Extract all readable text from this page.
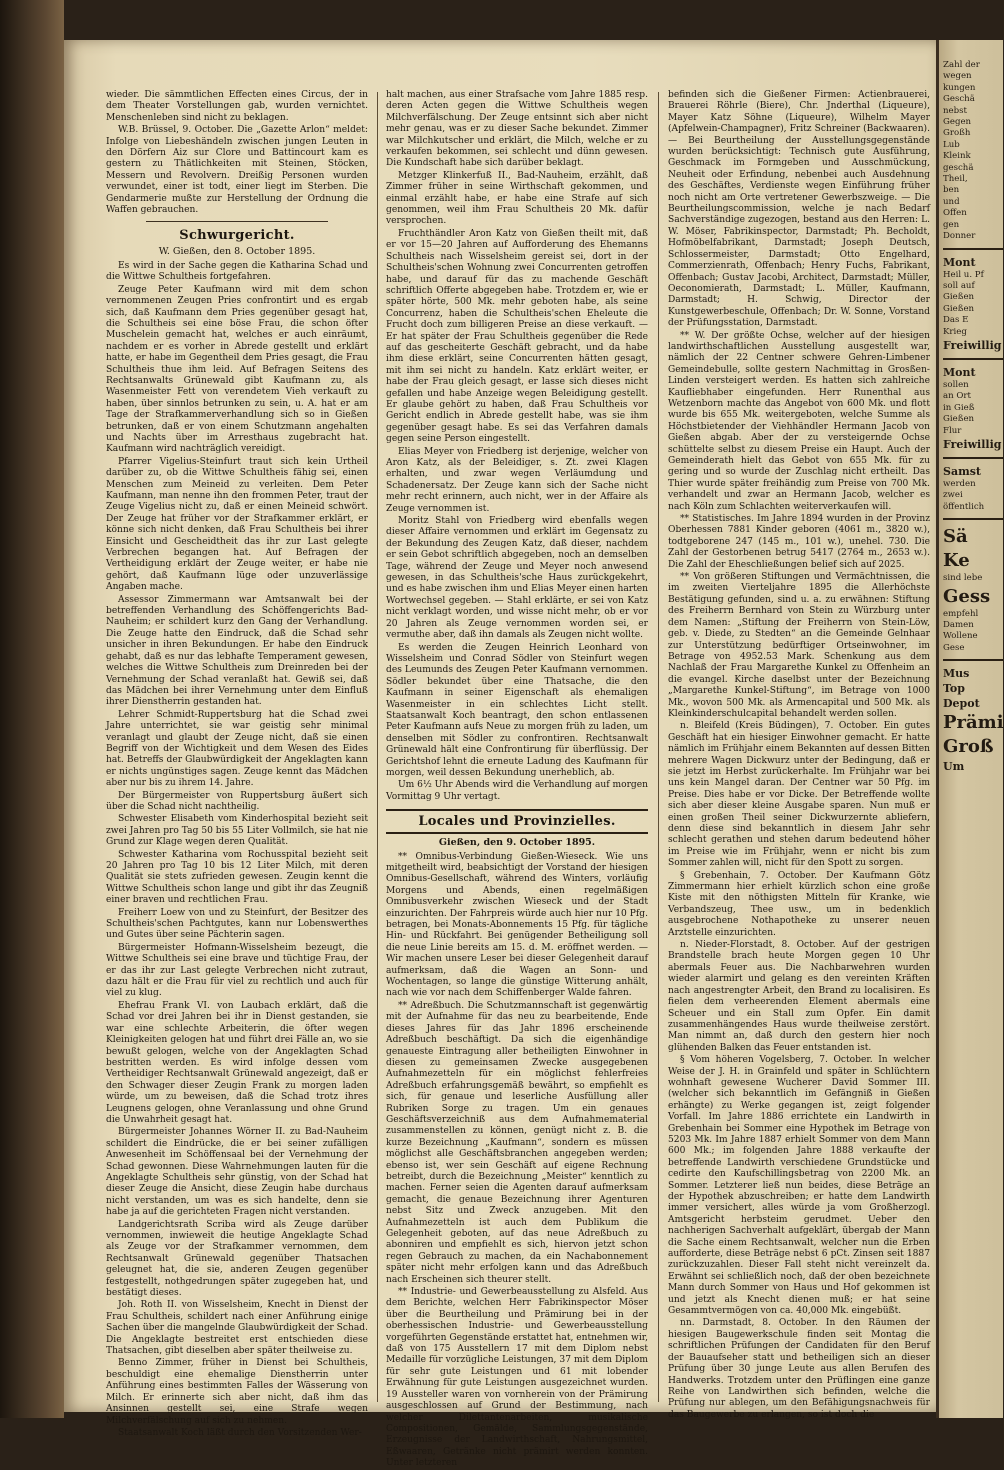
wieder. Die sämmtlichen Effecten eines Circus, der in dem Theater Vorstellungen gab, wurden vernichtet. Menschenleben sind nicht zu beklagen.

W.B. Brüssel, 9. October. Die „Gazette Arlon“ meldet: Infolge von Liebeshändeln zwischen jungen Leuten in den Dörfern Aiz sur Clore und Battincourt kam es gestern zu Thätlichkeiten mit Steinen, Stöcken, Messern und Revolvern. Dreißig Personen wurden verwundet, einer ist todt, einer liegt im Sterben. Die Gendarmerie mußte zur Herstellung der Ordnung die Waffen gebrauchen.

Schwurgericht.
W. Gießen, den 8. October 1895.

Es wird in der Sache gegen die Katharina Schad und die Wittwe Schultheis fortgefahren.

Zeuge Peter Kaufmann wird mit dem schon vernommenen Zeugen Pries confrontirt und es ergab sich, daß Kaufmann dem Pries gegenüber gesagt hat, die Schultheis sei eine böse Frau, die schon öfter Muschelein gemacht hat, welches er auch einräumt, nachdem er es vorher in Abrede gestellt und erklärt hatte, er habe im Gegentheil dem Pries gesagt, die Frau Schultheis thue ihm leid. Auf Befragen Seitens des Rechtsanwalts Grünewald gibt Kaufmann zu, als Wasenmeister Fett von verendetem Vieh verkauft zu haben, über sinnlos betrunken zu sein, u. A. hat er am Tage der Strafkammerverhandlung sich so in Gießen betrunken, daß er von einem Schutzmann angehalten und Nachts über im Arresthaus zugebracht hat. Kaufmann wird nachträglich vereidigt.

Pfarrer Vigelius-Steinfurt traut sich kein Urtheil darüber zu, ob die Wittwe Schultheis fähig sei, einen Menschen zum Meineid zu verleiten. Dem Peter Kaufmann, man nenne ihn den frommen Peter, traut der Zeuge Vigelius nicht zu, daß er einen Meineid schwört. Der Zeuge hat früher vor der Strafkammer erklärt, er könne sich nicht denken, daß Frau Schultheis bei ihrer Einsicht und Gescheidtheit das ihr zur Last gelegte Verbrechen begangen hat. Auf Befragen der Vertheidigung erklärt der Zeuge weiter, er habe nie gehört, daß Kaufmann lüge oder unzuverlässige Angaben mache.

Assessor Zimmermann war Amtsanwalt bei der betreffenden Verhandlung des Schöffengerichts Bad-Nauheim; er schildert kurz den Gang der Verhandlung. Die Zeuge hatte den Eindruck, daß die Schad sehr unsicher in ihren Bekundungen. Er habe den Eindruck gehabt, daß es nur das lebhafte Temperament gewesen, welches die Wittwe Schultheis zum Dreinreden bei der Vernehmung der Schad veranlaßt hat. Gewiß sei, daß das Mädchen bei ihrer Vernehmung unter dem Einfluß ihrer Dienstherrin gestanden hat.

Lehrer Schmidt-Ruppertsburg hat die Schad zwei Jahre unterrichtet, sie war geistig sehr minimal veranlagt und glaubt der Zeuge nicht, daß sie einen Begriff von der Wichtigkeit und dem Wesen des Eides hat. Betreffs der Glaubwürdigkeit der Angeklagten kann er nichts ungünstiges sagen. Zeuge kennt das Mädchen aber nur bis zu ihrem 14. Jahre.

Der Bürgermeister von Ruppertsburg äußert sich über die Schad nicht nachtheilig.

Schwester Elisabeth vom Kinderhospital bezieht seit zwei Jahren pro Tag 50 bis 55 Liter Vollmilch, sie hat nie Grund zur Klage wegen deren Qualität.

Schwester Katharina vom Rochusspital bezieht seit 20 Jahren pro Tag 10 bis 12 Liter Milch, mit deren Qualität sie stets zufrieden gewesen. Zeugin kennt die Wittwe Schultheis schon lange und gibt ihr das Zeugniß einer braven und rechtlichen Frau.

Freiherr Loew von und zu Steinfurt, der Besitzer des Schultheis'schen Pachtgutes, kann nur Lobenswerthes und Gutes über seine Pächterin sagen.

Bürgermeister Hofmann-Wisselsheim bezeugt, die Wittwe Schultheis sei eine brave und tüchtige Frau, der er das ihr zur Last gelegte Verbrechen nicht zutraut, dazu hält er die Frau für viel zu rechtlich und auch für viel zu klug.

Ehefrau Frank VI. von Laubach erklärt, daß die Schad vor drei Jahren bei ihr in Dienst gestanden, sie war eine schlechte Arbeiterin, die öfter wegen Kleinigkeiten gelogen hat und führt drei Fälle an, wo sie bewußt gelogen, welche von der Angeklagten Schad bestritten werden. Es wird infolge dessen vom Vertheidiger Rechtsanwalt Grünewald angezeigt, daß er den Schwager dieser Zeugin Frank zu morgen laden würde, um zu beweisen, daß die Schad trotz ihres Leugnens gelogen, ohne Veranlassung und ohne Grund die Unwahrheit gesagt hat.

Bürgermeister Johannes Wörner II. zu Bad-Nauheim schildert die Eindrücke, die er bei seiner zufälligen Anwesenheit im Schöffensaal bei der Vernehmung der Schad gewonnen. Diese Wahrnehmungen lauten für die Angeklagte Schultheis sehr günstig, von der Schad hat dieser Zeuge die Ansicht, diese Zeugin habe durchaus nicht verstanden, um was es sich handelte, denn sie habe ja auf die gerichteten Fragen nicht verstanden.

Landgerichtsrath Scriba wird als Zeuge darüber vernommen, inwieweit die heutige Angeklagte Schad als Zeuge vor der Strafkammer vernommen, dem Rechtsanwalt Grünewald gegenüber Thatsachen geleugnet hat, die sie, anderen Zeugen gegenüber festgestellt, nothgedrungen später zugegeben hat, und bestätigt dieses.

Joh. Roth II. von Wisselsheim, Knecht in Dienst der Frau Schultheis, schildert nach einer Anführung einige Sachen über die mangelnde Glaubwürdigkeit der Schad. Die Angeklagte bestreitet erst entschieden diese Thatsachen, gibt dieselben aber später theilweise zu.

Benno Zimmer, früher in Dienst bei Schultheis, beschuldigt eine ehemalige Dienstherrin unter Anführung eines bestimmten Falles der Wässerung von Milch. Er erinnerte sich aber nicht, daß ihm das Ansinnen gestellt sei, eine Strafe wegen Milchverfälschung auf sich zu nehmen.

Staatsanwalt Koch läßt durch den Vorsitzenden Wer-

halt machen, aus einer Strafsache vom Jahre 1885 resp. deren Acten gegen die Wittwe Schultheis wegen Milchverfälschung. Der Zeuge entsinnt sich aber nicht mehr genau, was er zu dieser Sache bekundet. Zimmer war Milchkutscher und erklärt, die Milch, welche er zu verkaufen bekommen, sei schlecht und dünn gewesen. Die Kundschaft habe sich darüber beklagt.

Metzger Klinkerfuß II., Bad-Nauheim, erzählt, daß Zimmer früher in seine Wirthschaft gekommen, und einmal erzählt habe, er habe eine Strafe auf sich genommen, weil ihm Frau Schultheis 20 Mk. dafür versprochen.

Fruchthändler Aron Katz von Gießen theilt mit, daß er vor 15—20 Jahren auf Aufforderung des Ehemanns Schultheis nach Wisselsheim gereist sei, dort in der Schultheis'schen Wohnung zwei Concurrenten getroffen habe, und darauf für das zu machende Geschäft schriftlich Offerte abgegeben habe. Trotzdem er, wie er später hörte, 500 Mk. mehr geboten habe, als seine Concurrenz, haben die Schultheis'schen Eheleute die Frucht doch zum billigeren Preise an diese verkauft. — Er hat später der Frau Schultheis gegenüber die Rede auf das gescheiterte Geschäft gebracht, und da habe ihm diese erklärt, seine Concurrenten hätten gesagt, mit ihm sei nicht zu handeln. Katz erklärt weiter, er habe der Frau gleich gesagt, er lasse sich dieses nicht gefallen und habe Anzeige wegen Beleidigung gestellt. Er glaube gehört zu haben, daß Frau Schultheis vor Gericht endlich in Abrede gestellt habe, was sie ihm gegenüber gesagt habe. Es sei das Verfahren damals gegen seine Person eingestellt.

Elias Meyer von Friedberg ist derjenige, welcher von Aron Katz, als der Beleidiger, s. Zt. zwei Klagen erhalten, und zwar wegen Verläumdung und Schadenersatz. Der Zeuge kann sich der Sache nicht mehr recht erinnern, auch nicht, wer in der Affaire als Zeuge vernommen ist.

Moritz Stahl von Friedberg wird ebenfalls wegen dieser Affaire vernommen und erklärt im Gegensatz zu der Bekundung des Zeugen Katz, daß dieser, nachdem er sein Gebot schriftlich abgegeben, noch an demselben Tage, während der Zeuge und Meyer noch anwesend gewesen, in das Schultheis'sche Haus zurückgekehrt, und es habe zwischen ihm und Elias Meyer einen harten Wortwechsel gegeben. — Stahl erklärte, er sei von Katz nicht verklagt worden, und wisse nicht mehr, ob er vor 20 Jahren als Zeuge vernommen worden sei, er vermuthe aber, daß ihn damals als Zeugen nicht wollte.

Es werden die Zeugen Heinrich Leonhard von Wisselsheim und Conrad Södler von Steinfurt wegen des Leumunds des Zeugen Peter Kaufmann vernommen. Södler bekundet über eine Thatsache, die den Kaufmann in seiner Eigenschaft als ehemaligen Wasenmeister in ein schlechtes Licht stellt. Staatsanwalt Koch beantragt, den schon entlassenen Peter Kaufmann aufs Neue zu morgen früh zu laden, um denselben mit Södler zu confrontiren. Rechtsanwalt Grünewald hält eine Confrontirung für überflüssig. Der Gerichtshof lehnt die erneute Ladung des Kaufmann für morgen, weil dessen Bekundung unerheblich, ab.

Um 6½ Uhr Abends wird die Verhandlung auf morgen Vormittag 9 Uhr vertagt.

Locales und Provinzielles.
Gießen, den 9. October 1895.

** Omnibus-Verbindung Gießen-Wieseck. Wie uns mitgetheilt wird, beabsichtigt der Vorstand der hiesigen Omnibus-Gesellschaft, während des Winters, vorläufig Morgens und Abends, einen regelmäßigen Omnibusverkehr zwischen Wieseck und der Stadt einzurichten. Der Fahrpreis würde auch hier nur 10 Pfg. betragen, bei Monats-Abonnements 15 Pfg. für tägliche Hin- und Rückfahrt. Bei genügender Betheiligung soll die neue Linie bereits am 15. d. M. eröffnet werden. — Wir machen unsere Leser bei dieser Gelegenheit darauf aufmerksam, daß die Wagen an Sonn- und Wochentagen, so lange die günstige Witterung anhält, nach wie vor nach dem Schiffenberger Walde fahren.

** Adreßbuch. Die Schutzmannschaft ist gegenwärtig mit der Aufnahme für das neu zu bearbeitende, Ende dieses Jahres für das Jahr 1896 erscheinende Adreßbuch beschäftigt. Da sich die eigenhändige genaueste Eintragung aller betheiligten Einwohner in diesen zu gemeinsamen Zwecke ausgegebenen Aufnahmezetteln für ein möglichst fehlerfreies Adreßbuch erfahrungsgemäß bewährt, so empfiehlt es sich, für genaue und leserliche Ausfüllung aller Rubriken Sorge zu tragen. Um ein genaues Geschäftsverzeichniß aus dem Aufnahmematerial zusammenstellen zu können, genügt nicht z. B. die kurze Bezeichnung „Kaufmann“, sondern es müssen möglichst alle Geschäftsbranchen angegeben werden; ebenso ist, wer sein Geschäft auf eigene Rechnung betreibt, durch die Bezeichnung „Meister“ kenntlich zu machen. Ferner seien die Agenten darauf aufmerksam gemacht, die genaue Bezeichnung ihrer Agenturen nebst Sitz und Zweck anzugeben. Mit den Aufnahmezetteln ist auch dem Publikum die Gelegenheit geboten, auf das neue Adreßbuch zu abonniren und empfiehlt es sich, hiervon jetzt schon regen Gebrauch zu machen, da ein Nachabonnement später nicht mehr erfolgen kann und das Adreßbuch nach Erscheinen sich theurer stellt.

** Industrie- und Gewerbeausstellung zu Alsfeld. Aus dem Berichte, welchen Herr Fabrikinspector Möser über die Beurtheilung und Prämirung bei in der oberhessischen Industrie- und Gewerbeausstellung vorgeführten Gegenstände erstattet hat, entnehmen wir, daß von 175 Ausstellern 17 mit dem Diplom nebst Medaille für vorzügliche Leistungen, 37 mit dem Diplom für sehr gute Leistungen und 61 mit lobender Erwähnung für gute Leistungen ausgezeichnet wurden. 19 Aussteller waren von vornherein von der Prämirung ausgeschlossen auf Grund der Bestimmung, nach welcher Dilettantenarbeiten, musikalische Compositionen, Gemälde, Sammlungsgegenstände, Erzeugnisse der Landwirthschaft, Nahrungsmittel, Eßwaaren, Getränke nicht prämirt werden konnten. Unter letzteren

befinden sich die Gießener Firmen: Actienbrauerei, Brauerei Röhrle (Biere), Chr. Jnderthal (Liqueure), Mayer Katz Söhne (Liqueure), Wilhelm Mayer (Apfelwein-Champagner), Fritz Schreiner (Backwaaren). — Bei Beurtheilung der Ausstellungsgegenstände wurden berücksichtigt: Technisch gute Ausführung, Geschmack im Formgeben und Ausschmückung, Neuheit oder Erfindung, nebenbei auch Ausdehnung des Geschäftes, Verdienste wegen Einführung früher noch nicht am Orte vertretener Gewerbszweige. — Die Beurtheilungscommission, welche je nach Bedarf Sachverständige zugezogen, bestand aus den Herren: L. W. Möser, Fabrikinspector, Darmstadt; Ph. Becholdt, Hofmöbelfabrikant, Darmstadt; Joseph Deutsch, Schlossermeister, Darmstadt; Otto Engelhard, Commerzienrath, Offenbach; Henry Fuchs, Fabrikant, Offenbach; Gustav Jacobi, Architect, Darmstadt; Müller, Oeconomierath, Darmstadt; L. Müller, Kaufmann, Darmstadt; H. Schwig, Director der Kunstgewerbeschule, Offenbach; Dr. W. Sonne, Vorstand der Prüfungsstation, Darmstadt.

** W. Der größte Ochse, welcher auf der hiesigen landwirthschaftlichen Ausstellung ausgestellt war, nämlich der 22 Centner schwere Gehren-Limbener Gemeindebulle, sollte gestern Nachmittag in Grosßen-Linden versteigert werden. Es hatten sich zahlreiche Kaufliebhaber eingefunden. Herr Runenthal aus Wetzenborn machte das Angebot von 600 Mk. und flott wurde bis 655 Mk. weitergeboten, welche Summe als Höchstbietender der Viehhändler Hermann Jacob von Gießen abgab. Aber der zu versteigernde Ochse schüttelte selbst zu diesem Preise ein Haupt. Auch der Gemeinderath hielt das Gebot von 655 Mk. für zu gering und so wurde der Zuschlag nicht ertheilt. Das Thier wurde später freihändig zum Preise von 700 Mk. verhandelt und zwar an Hermann Jacob, welcher es nach Köln zum Schlachten weiterverkaufen will.

** Statistisches. Im Jahre 1894 wurden in der Provinz Oberhessen 7881 Kinder geboren (4061 m., 3820 w.), todtgeborene 247 (145 m., 101 w.), unehel. 730. Die Zahl der Gestorbenen betrug 5417 (2764 m., 2653 w.). Die Zahl der Eheschließungen belief sich auf 2025.

** Von größeren Stiftungen und Vermächtnissen, die im zweiten Vierteljahre 1895 die Allerhöchste Bestätigung gefunden, sind u. a. zu erwähnen: Stiftung des Freiherrn Bernhard von Stein zu Würzburg unter dem Namen: „Stiftung der Freiherrn von Stein-Löw, geb. v. Diede, zu Stedten“ an die Gemeinde Gelnhaar zur Unterstützung bedürftiger Ortseinwohner, im Betrage von 4952.53 Mark. Schenkung aus dem Nachlaß der Frau Margarethe Kunkel zu Offenheim an die evangel. Kirche daselbst unter der Bezeichnung „Margarethe Kunkel-Stiftung“, im Betrage von 1000 Mk., wovon 500 Mk. als Armencapital und 500 Mk. als Kleinkinderschulcapital behandelt werden sollen.

n. Bleifeld (Kreis Büdingen), 7. October. Ein gutes Geschäft hat ein hiesiger Einwohner gemacht. Er hatte nämlich im Frühjahr einem Bekannten auf dessen Bitten mehrere Wagen Dickwurz unter der Bedingung, daß er sie jetzt im Herbst zurückerhalte. Im Frühjahr war bei uns kein Mangel daran. Der Centner war 50 Pfg. im Preise. Dies habe er vor Dicke. Der Betreffende wollte sich aber dieser kleine Ausgabe sparen. Nun muß er einen großen Theil seiner Dickwurzernte abliefern, denn diese sind bekanntlich in diesem Jahr sehr schlecht gerathen und stehen darum bedeutend höher im Preise wie im Frühjahr, wenn er nicht bis zum Sommer zahlen will, nicht für den Spott zu sorgen.

§ Grebenhain, 7. October. Der Kaufmann Götz Zimmermann hier erhielt kürzlich schon eine große Kiste mit den nöthigsten Mitteln für Kranke, wie Verbandszeug, Thee usw., um in bedenklich ausgebrochene Nothapotheke zu unserer neuen Arztstelle einzurichten.

n. Nieder-Florstadt, 8. October. Auf der gestrigen Brandstelle brach heute Morgen gegen 10 Uhr abermals Feuer aus. Die Nachbarwehren wurden wieder alarmirt und gelang es den vereinten Kräften nach angestrengter Arbeit, den Brand zu localisiren. Es fielen dem verheerenden Element abermals eine Scheuer und ein Stall zum Opfer. Ein damit zusammenhängendes Haus wurde theilweise zerstört. Man nimmt an, daß durch den gestern hier noch glühenden Balken das Feuer entstanden ist.

§ Vom höheren Vogelsberg, 7. October. In welcher Weise der J. H. in Grainfeld und später in Schlüchtern wohnhaft gewesene Wucherer David Sommer III. (welcher sich bekanntlich im Gefängniß in Gießen erhängte) zu Werke gegangen ist, zeigt folgender Vorfall. Im Jahre 1886 errichtete ein Landwirth in Grebenhain bei Sommer eine Hypothek im Betrage von 5203 Mk. Im Jahre 1887 erhielt Sommer von dem Mann 600 Mk.; im folgenden Jahre 1888 verkaufte der betreffende Landwirth verschiedene Grundstücke und cedirte den Kaufschillingsbetrag von 2200 Mk. an Sommer. Letzterer ließ nun beides, diese Beträge an der Hypothek abzuschreiben; er hatte dem Landwirth immer versichert, alles würde ja vom Großherzogl. Amtsgericht herbsteim gerudmet. Ueber den nachherigen Sachverhalt aufgeklärt, übergab der Mann die Sache einem Rechtsanwalt, welcher nun die Erben aufforderte, diese Beträge nebst 6 pCt. Zinsen seit 1887 zurückzuzahlen. Dieser Fall steht nicht vereinzelt da. Erwähnt sei schließlich noch, daß der oben bezeichnete Mann durch Sommer von Haus und Hof gekommen ist und jetzt als Knecht dienen muß; er hat seine Gesammtvermögen von ca. 40,000 Mk. eingebüßt.

nn. Darmstadt, 8. October. In den Räumen der hiesigen Baugewerkschule finden seit Montag die schriftlichen Prüfungen der Candidaten für den Beruf der Bauaufseher statt und betheiligen sich an dieser Prüfung über 30 junge Leute aus allen Berufen des Handwerks. Trotzdem unter den Prüflingen eine ganze Reihe von Landwirthen sich befinden, welche die Prüfung nur ablegen, um den Befähigungsnachweis für das Baugewerbe zu erlangen, so ist doch die

Zahl der
wegen
kungen
Geschä
nebst
Gegen
Großh
Lub
Kleink
geschä
Theil,
ben
und
Offen
gen
Donner
Mont
Heil u. Pf
soll auf
Gießen
Gießen
Das E
Krieg
Freiwillig
Mont
sollen
an Ort
in Gieß
Gießen
Flur
Freiwillig
Samst
werden
zwei
öffentlich
Sä
Ke
sind lebe
Gess
empfehl
Damen
Wollene
Gese
Mus
Top
Depot
Prämi
Groß
Um
